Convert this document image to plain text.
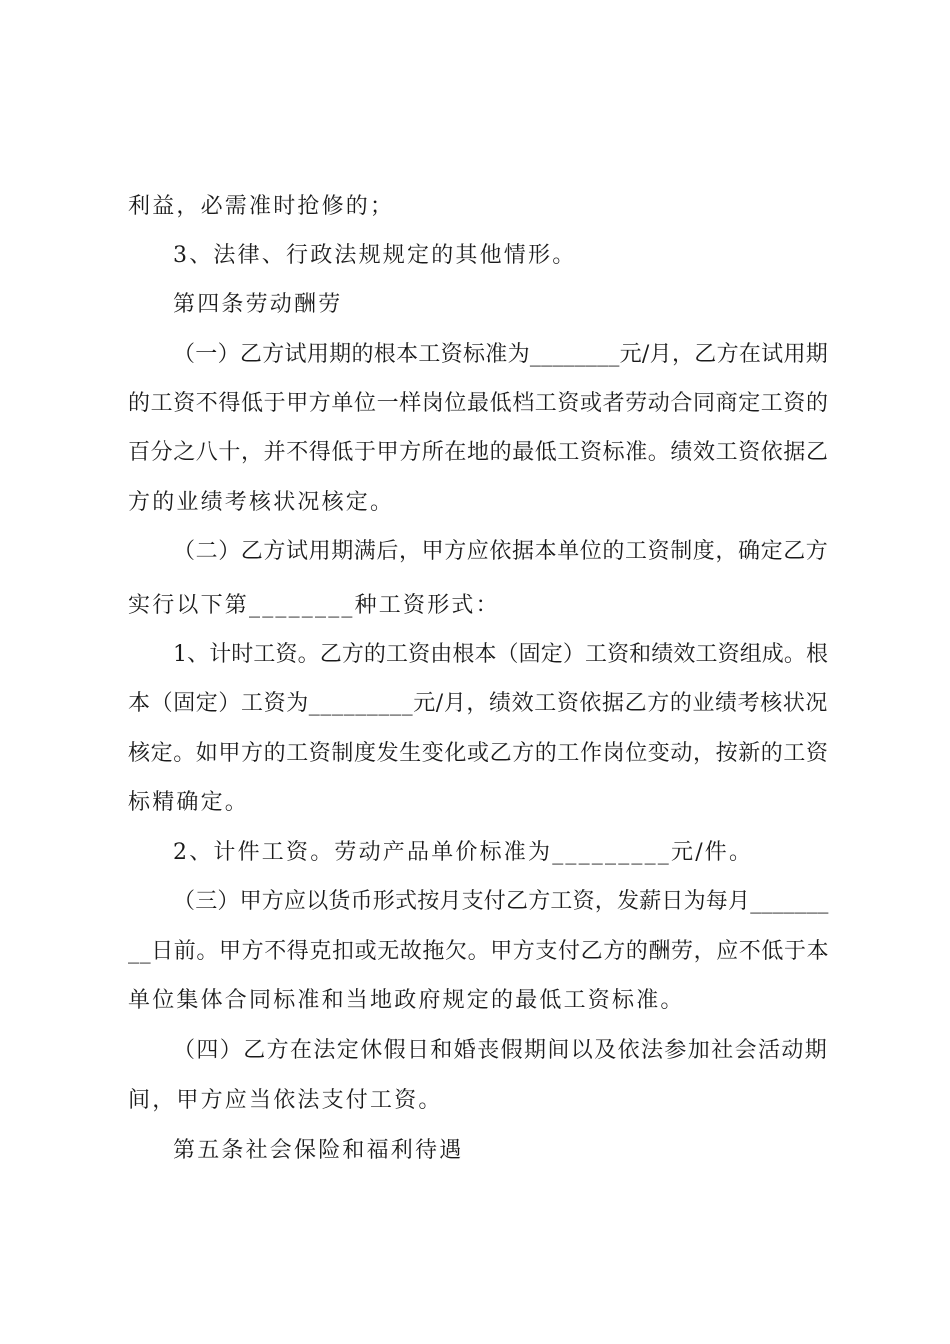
利益，必需准时抢修的；
3、法律、行政法规规定的其他情形。
第四条劳动酬劳
（一）乙方试用期的根本工资标准为________元/月，乙方在试用期
的工资不得低于甲方单位一样岗位最低档工资或者劳动合同商定工资的
百分之八十，并不得低于甲方所在地的最低工资标准。绩效工资依据乙
方的业绩考核状况核定。
（二）乙方试用期满后，甲方应依据本单位的工资制度，确定乙方
实行以下第________种工资形式：
1、计时工资。乙方的工资由根本（固定）工资和绩效工资组成。根
本（固定）工资为_________元/月，绩效工资依据乙方的业绩考核状况
核定。如甲方的工资制度发生变化或乙方的工作岗位变动，按新的工资
标精确定。
2、计件工资。劳动产品单价标准为_________元/件。
（三）甲方应以货币形式按月支付乙方工资，发薪日为每月_______
__日前。甲方不得克扣或无故拖欠。甲方支付乙方的酬劳，应不低于本
单位集体合同标准和当地政府规定的最低工资标准。
（四）乙方在法定休假日和婚丧假期间以及依法参加社会活动期
间，甲方应当依法支付工资。
第五条社会保险和福利待遇
